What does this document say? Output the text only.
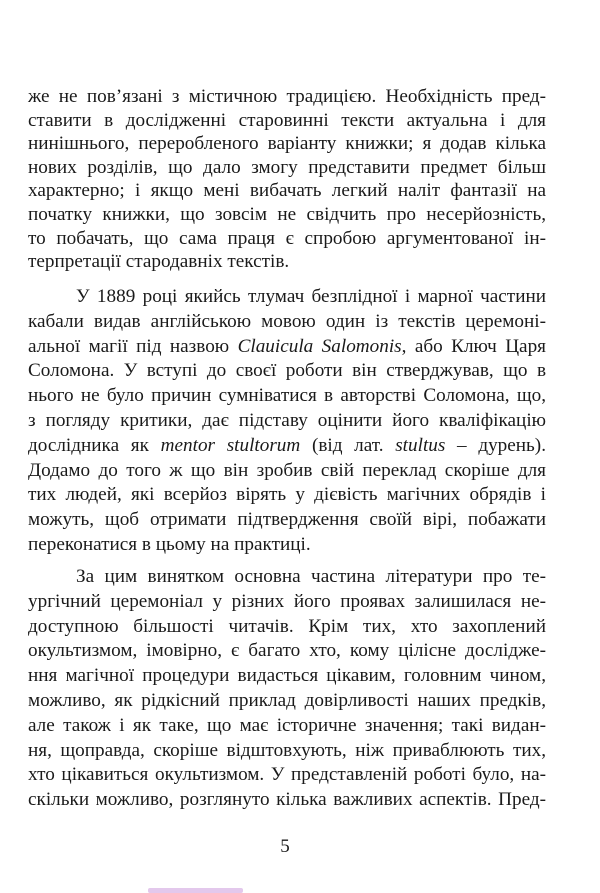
же не пов’язані з містичною традицією. Необхідність пред-
ставити в дослідженні старовинні тексти актуальна і для
нинішнього, переробленого варіанту книжки; я додав кілька
нових розділів, що дало змогу представити предмет більш
характерно; і якщо мені вибачать легкий наліт фантазії на
початку книжки, що зовсім не свідчить про несерйозність,
то побачать, що сама праця є спробою аргументованої ін-
терпретації стародавніх текстів.
У 1889 році якийсь тлумач безплідної і марної частини
кабали видав англійською мовою один із текстів церемоні-
альної магії під назвою Clauicula Salomonis, або Ключ Царя
Соломона. У вступі до своєї роботи він стверджував, що в
нього не було причин сумніватися в авторстві Соломона, що,
з погляду критики, дає підставу оцінити його кваліфікацію
дослідника як mentor stultorum (від лат. stultus – дурень).
Додамо до того ж що він зробив свій переклад скоріше для
тих людей, які всерйоз вірять у дієвість магічних обрядів і
можуть, щоб отримати підтвердження своїй вірі, побажати
переконатися в цьому на практиці.
За цим винятком основна частина літератури про те-
ургічний церемоніал у різних його проявах залишилася не-
доступною більшості читачів. Крім тих, хто захоплений
окультизмом, імовірно, є багато хто, кому цілісне дослідже-
ння магічної процедури видасться цікавим, головним чином,
можливо, як рідкісний приклад довірливості наших предків,
але також і як таке, що має історичне значення; такі видан-
ня, щоправда, скоріше відштовхують, ніж приваблюють тих,
хто цікавиться окультизмом. У представленій роботі було, на-
скільки можливо, розглянуто кілька важливих аспектів. Пред-
5
